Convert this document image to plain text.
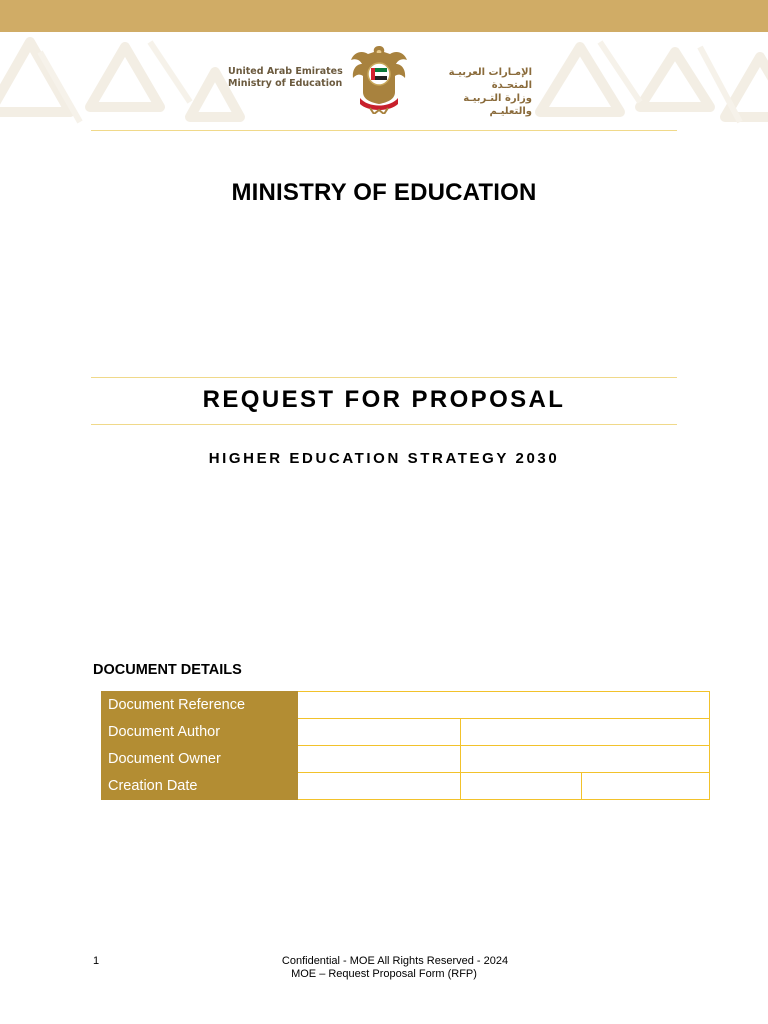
United Arab Emirates
Ministry of Education
الإمـارات العربيـة المتحـدة
وزارة التـربيـة والتعليـم
MINISTRY OF EDUCATION
REQUEST FOR PROPOSAL
HIGHER EDUCATION STRATEGY 2030
DOCUMENT DETAILS
Document Reference			
Document Author			
Document Owner			
Creation Date			
1	Confidential - MOE All Rights Reserved - 2024
MOE – Request Proposal Form (RFP)
